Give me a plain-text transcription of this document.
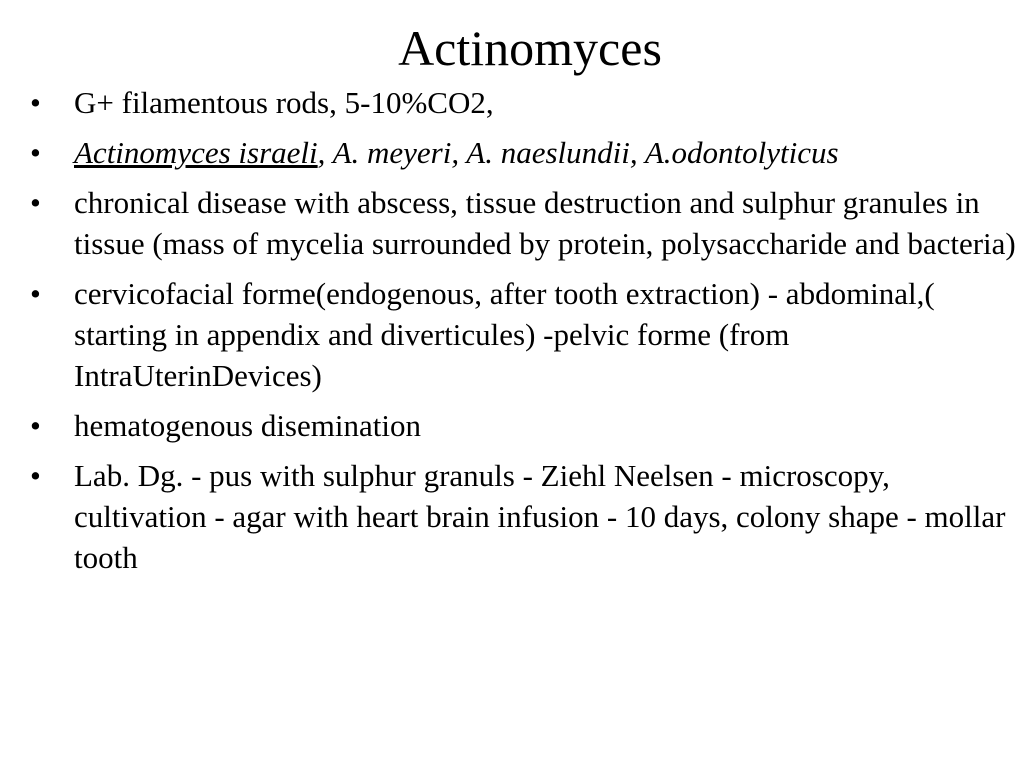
Actinomyces
•	G+ filamentous rods, 5-10%CO2,
•	Actinomyces israeli, A. meyeri, A. naeslundii, A.odontolyticus
•	chronical disease with abscess, tissue destruction and sulphur granules in tissue (mass of mycelia surrounded by protein, polysaccharide and bacteria)
•	cervicofacial forme(endogenous, after tooth extraction) - abdominal,( starting in appendix and diverticules) -pelvic forme (from IntraUterinDevices)
•	hematogenous disemination
•	Lab. Dg. - pus with sulphur granuls - Ziehl Neelsen - microscopy, cultivation - agar with heart brain infusion - 10 days, colony shape - mollar tooth
